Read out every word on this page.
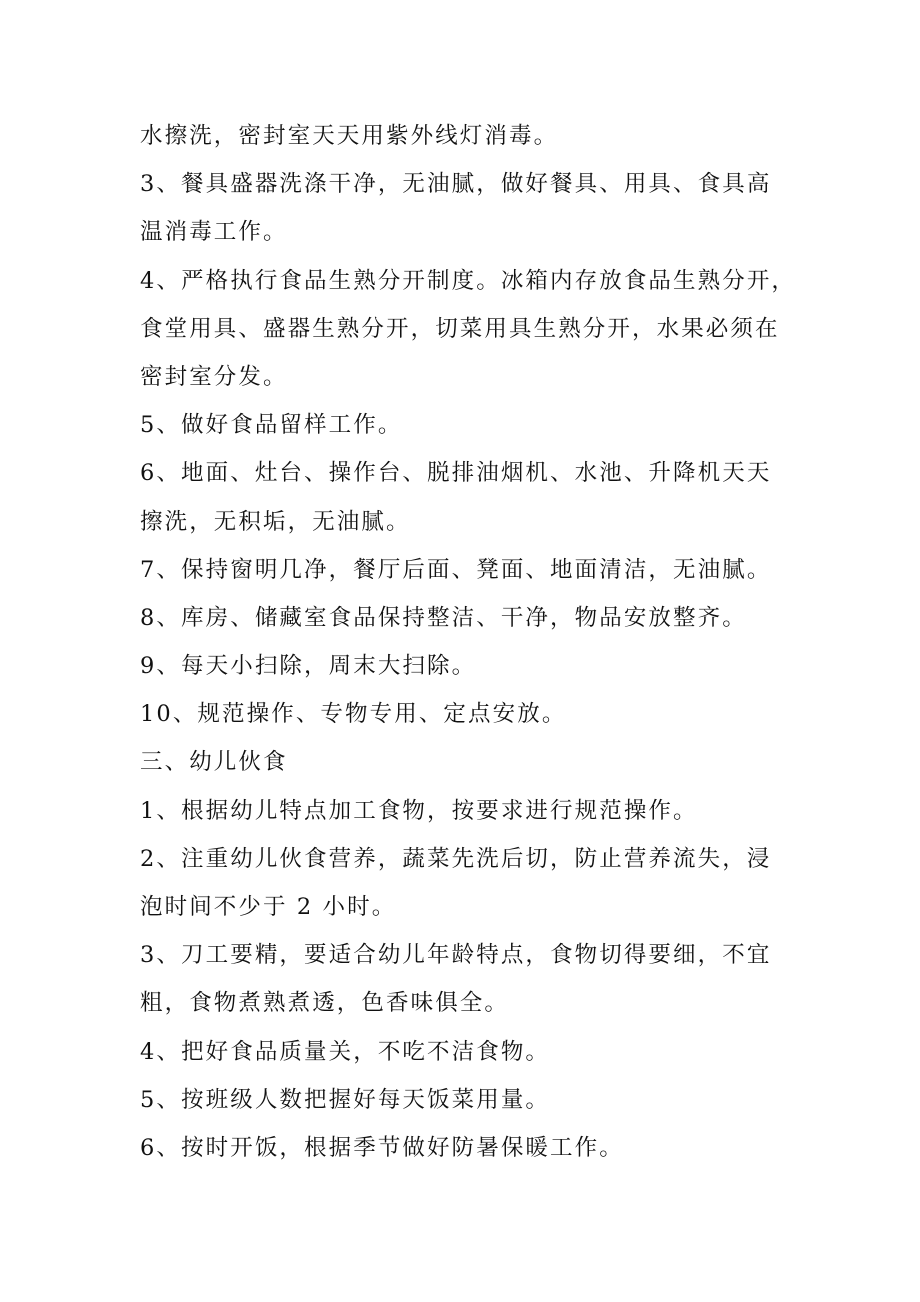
水擦洗，密封室天天用紫外线灯消毒。

3、餐具盛器洗涤干净，无油腻，做好餐具、用具、食具高

温消毒工作。

4、严格执行食品生熟分开制度。冰箱内存放食品生熟分开，

食堂用具、盛器生熟分开，切菜用具生熟分开，水果必须在

密封室分发。

5、做好食品留样工作。

6、地面、灶台、操作台、脱排油烟机、水池、升降机天天

擦洗，无积垢，无油腻。

7、保持窗明几净，餐厅后面、凳面、地面清洁，无油腻。

8、库房、储藏室食品保持整洁、干净，物品安放整齐。

9、每天小扫除，周末大扫除。

10、规范操作、专物专用、定点安放。

三、幼儿伙食

1、根据幼儿特点加工食物，按要求进行规范操作。

2、注重幼儿伙食营养，蔬菜先洗后切，防止营养流失，浸

泡时间不少于 2 小时。

3、刀工要精，要适合幼儿年龄特点，食物切得要细，不宜

粗，食物煮熟煮透，色香味俱全。

4、把好食品质量关，不吃不洁食物。

5、按班级人数把握好每天饭菜用量。

6、按时开饭，根据季节做好防暑保暖工作。
